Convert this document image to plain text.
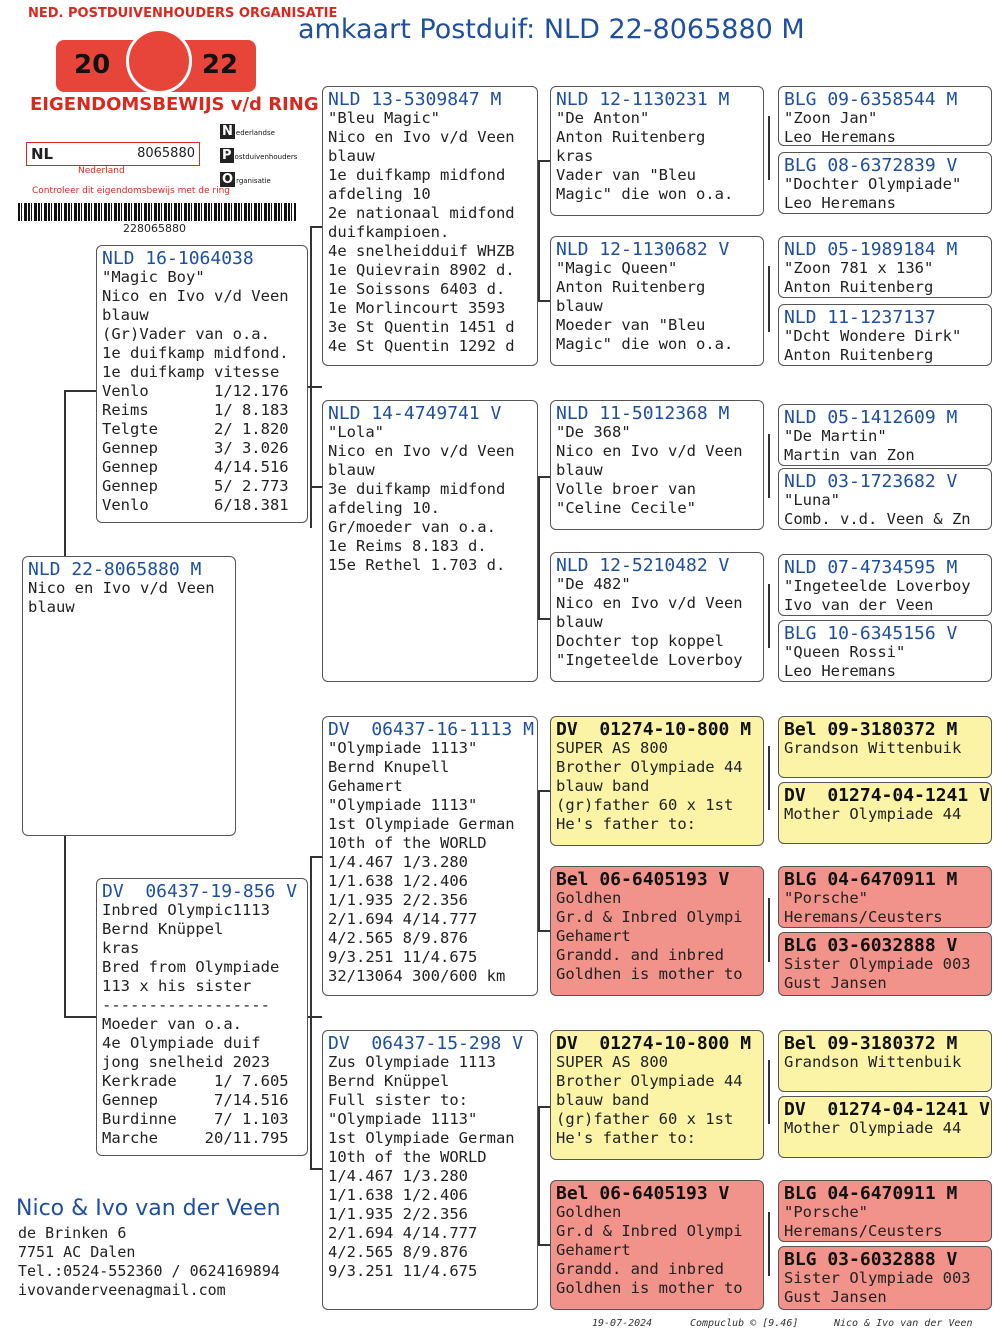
amkaart Postduif: NLD 22-8065880 M
NED. POSTDUIVENHOUDERS ORGANISATIE
20	22
EIGENDOMSBEWIJS v/d RING
NL	8065880
N ederlandse
P ostduivenhouders
O rganisatie
Nederland
Controleer dit eigendomsbewijs met de ring
228065880
NLD 22-8065880 M
Nico en Ivo v/d Veen
blauw
NLD 16-1064038
"Magic Boy"
Nico en Ivo v/d Veen
blauw
(Gr)Vader van o.a.
1e duifkamp midfond.
1e duifkamp vitesse
Venlo       1/12.176
Reims       1/ 8.183
Telgte      2/ 1.820
Gennep      3/ 3.026
Gennep      4/14.516
Gennep      5/ 2.773
Venlo       6/18.381
DV  06437-19-856 V
Inbred Olympic1113
Bernd Knüppel
kras
Bred from Olympiade
113 x his sister
------------------
Moeder van o.a.
4e Olympiade duif
jong snelheid 2023
Kerkrade    1/ 7.605
Gennep      7/14.516
Burdinne    7/ 1.103
Marche     20/11.795
NLD 13-5309847 M
"Bleu Magic"
Nico en Ivo v/d Veen
blauw
1e duifkamp midfond
afdeling 10
2e nationaal midfond
duifkampioen.
4e snelheidduif WHZB
1e Quievrain 8902 d.
1e Soissons 6403 d.
1e Morlincourt 3593
3e St Quentin 1451 d
4e St Quentin 1292 d
NLD 14-4749741 V
"Lola"
Nico en Ivo v/d Veen
blauw
3e duifkamp midfond
afdeling 10.
Gr/moeder van o.a.
1e Reims 8.183 d.
15e Rethel 1.703 d.
DV  06437-16-1113 M
"Olympiade 1113"
Bernd Knupell
Gehamert
"Olympiade 1113"
1st Olympiade German
10th of the WORLD
1/4.467 1/3.280
1/1.638 1/2.406
1/1.935 2/2.356
2/1.694 4/14.777
4/2.565 8/9.876
9/3.251 11/4.675
32/13064 300/600 km
DV  06437-15-298 V
Zus Olympiade 1113
Bernd Knüppel
Full sister to:
"Olympiade 1113"
1st Olympiade German
10th of the WORLD
1/4.467 1/3.280
1/1.638 1/2.406
1/1.935 2/2.356
2/1.694 4/14.777
4/2.565 8/9.876
9/3.251 11/4.675
NLD 12-1130231 M
"De Anton"
Anton Ruitenberg
kras
Vader van "Bleu
Magic" die won o.a.
NLD 12-1130682 V
"Magic Queen"
Anton Ruitenberg
blauw
Moeder van "Bleu
Magic" die won o.a.
NLD 11-5012368 M
"De 368"
Nico en Ivo v/d Veen
blauw
Volle broer van
"Celine Cecile"
NLD 12-5210482 V
"De 482"
Nico en Ivo v/d Veen
blauw
Dochter top koppel
"Ingeteelde Loverboy
DV  01274-10-800 M
SUPER AS 800
Brother Olympiade 44
blauw band
(gr)father 60 x 1st
He's father to:
Bel 06-6405193 V
Goldhen
Gr.d & Inbred Olympi
Gehamert
Grandd. and inbred
Goldhen is mother to
DV  01274-10-800 M
SUPER AS 800
Brother Olympiade 44
blauw band
(gr)father 60 x 1st
He's father to:
Bel 06-6405193 V
Goldhen
Gr.d & Inbred Olympi
Gehamert
Grandd. and inbred
Goldhen is mother to
BLG 09-6358544 M
"Zoon Jan"
Leo Heremans
BLG 08-6372839 V
"Dochter Olympiade"
Leo Heremans
NLD 05-1989184 M
"Zoon 781 x 136"
Anton Ruitenberg
NLD 11-1237137
"Dcht Wondere Dirk"
Anton Ruitenberg
NLD 05-1412609 M
"De Martin"
Martin van Zon
NLD 03-1723682 V
"Luna"
Comb. v.d. Veen & Zn
NLD 07-4734595 M
"Ingeteelde Loverboy
Ivo van der Veen
BLG 10-6345156 V
"Queen Rossi"
Leo Heremans
Bel 09-3180372 M
Grandson Wittenbuik
DV  01274-04-1241 V
Mother Olympiade 44
BLG 04-6470911 M
"Porsche"
Heremans/Ceusters
BLG 03-6032888 V
Sister Olympiade 003
Gust Jansen
Bel 09-3180372 M
Grandson Wittenbuik
DV  01274-04-1241 V
Mother Olympiade 44
BLG 04-6470911 M
"Porsche"
Heremans/Ceusters
BLG 03-6032888 V
Sister Olympiade 003
Gust Jansen
Nico & Ivo van der Veen
de Brinken 6
7751 AC Dalen
Tel.:0524-552360 / 0624169894
ivovanderveenagmail.com
19-07-2024	Compuclub © [9.46]	Nico & Ivo van der Veen
